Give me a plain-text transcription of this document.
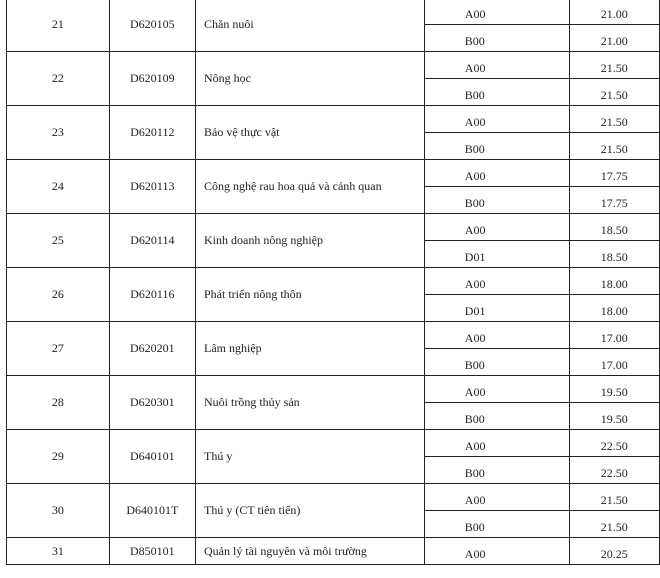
21	D620105	Chăn nuôi	A00	21.00
			B00	21.00
22	D620109	Nông học	A00	21.50
			B00	21.50
23	D620112	Bảo vệ thực vật	A00	21.50
			B00	21.50
24	D620113	Công nghệ rau hoa quả và cảnh quan	A00	17.75
			B00	17.75
25	D620114	Kinh doanh nông nghiệp	A00	18.50
			D01	18.50
26	D620116	Phát triển nông thôn	A00	18.00
			D01	18.00
27	D620201	Lâm nghiệp	A00	17.00
			B00	17.00
28	D620301	Nuôi trồng thủy sản	A00	19.50
			B00	19.50
29	D640101	Thú y	A00	22.50
			B00	22.50
30	D640101T	Thú y (CT tiên tiến)	A00	21.50
			B00	21.50
31	D850101	Quản lý tài nguyên và môi trường	A00	20.25
